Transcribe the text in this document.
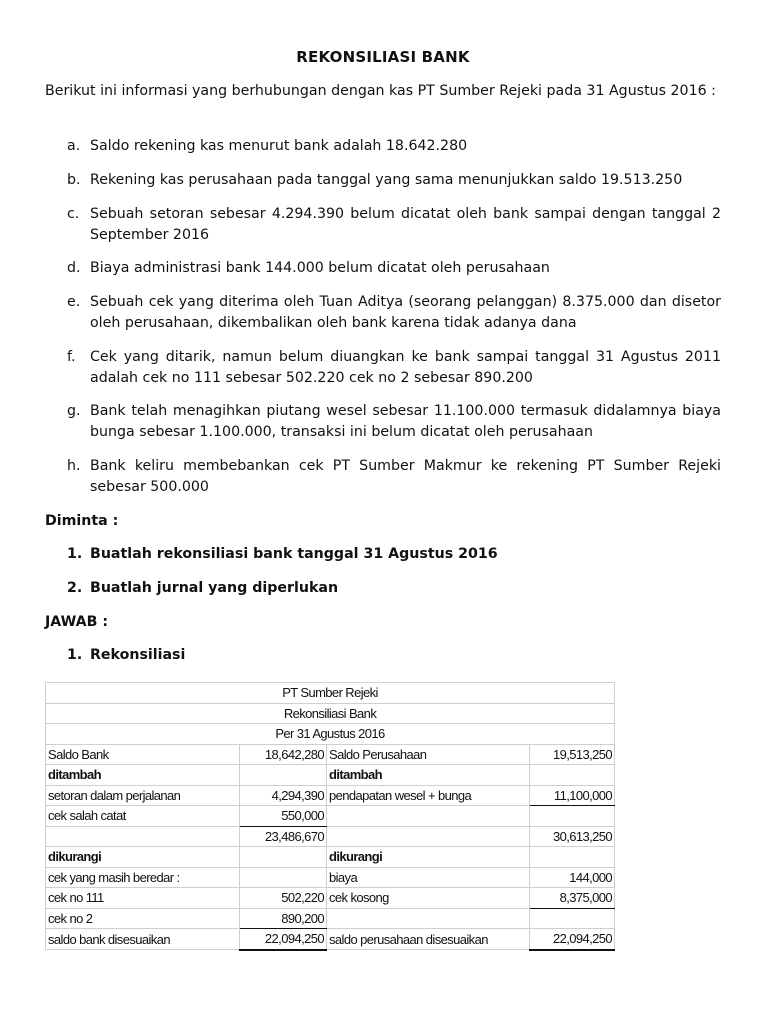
REKONSILIASI BANK
Berikut ini informasi yang berhubungan dengan kas PT Sumber Rejeki pada 31 Agustus 2016 :
a. Saldo rekening kas menurut bank adalah 18.642.280
b. Rekening kas perusahaan pada tanggal yang sama menunjukkan saldo 19.513.250
c. Sebuah setoran sebesar 4.294.390 belum dicatat oleh bank sampai dengan tanggal 2 September 2016
d. Biaya administrasi bank 144.000 belum dicatat oleh perusahaan
e. Sebuah cek yang diterima oleh Tuan Aditya (seorang pelanggan) 8.375.000 dan disetor oleh perusahaan, dikembalikan oleh bank karena tidak adanya dana
f. Cek yang ditarik, namun belum diuangkan ke bank sampai tanggal 31 Agustus 2011 adalah cek no 111 sebesar 502.220 cek no 2 sebesar 890.200
g. Bank telah menagihkan piutang wesel sebesar 11.100.000 termasuk didalamnya biaya bunga sebesar 1.100.000, transaksi ini belum dicatat oleh perusahaan
h. Bank keliru membebankan cek PT Sumber Makmur ke rekening PT Sumber Rejeki sebesar 500.000
Diminta :
1. Buatlah rekonsiliasi bank tanggal 31 Agustus 2016
2. Buatlah jurnal yang diperlukan
JAWAB :
1. Rekonsiliasi
PT Sumber Rejeki			
Rekonsiliasi Bank			
Per 31 Agustus 2016			
Saldo Bank	18,642,280	Saldo Perusahaan	19,513,250
ditambah		ditambah	
setoran dalam perjalanan	4,294,390	pendapatan wesel + bunga	11,100,000
cek salah catat	550,000		
	23,486,670		30,613,250
dikurangi		dikurangi	
cek yang masih beredar :		biaya	144,000
cek no 111	502,220	cek kosong	8,375,000
cek no 2	890,200		
saldo bank disesuaikan	22,094,250	saldo perusahaan disesuaikan	22,094,250
